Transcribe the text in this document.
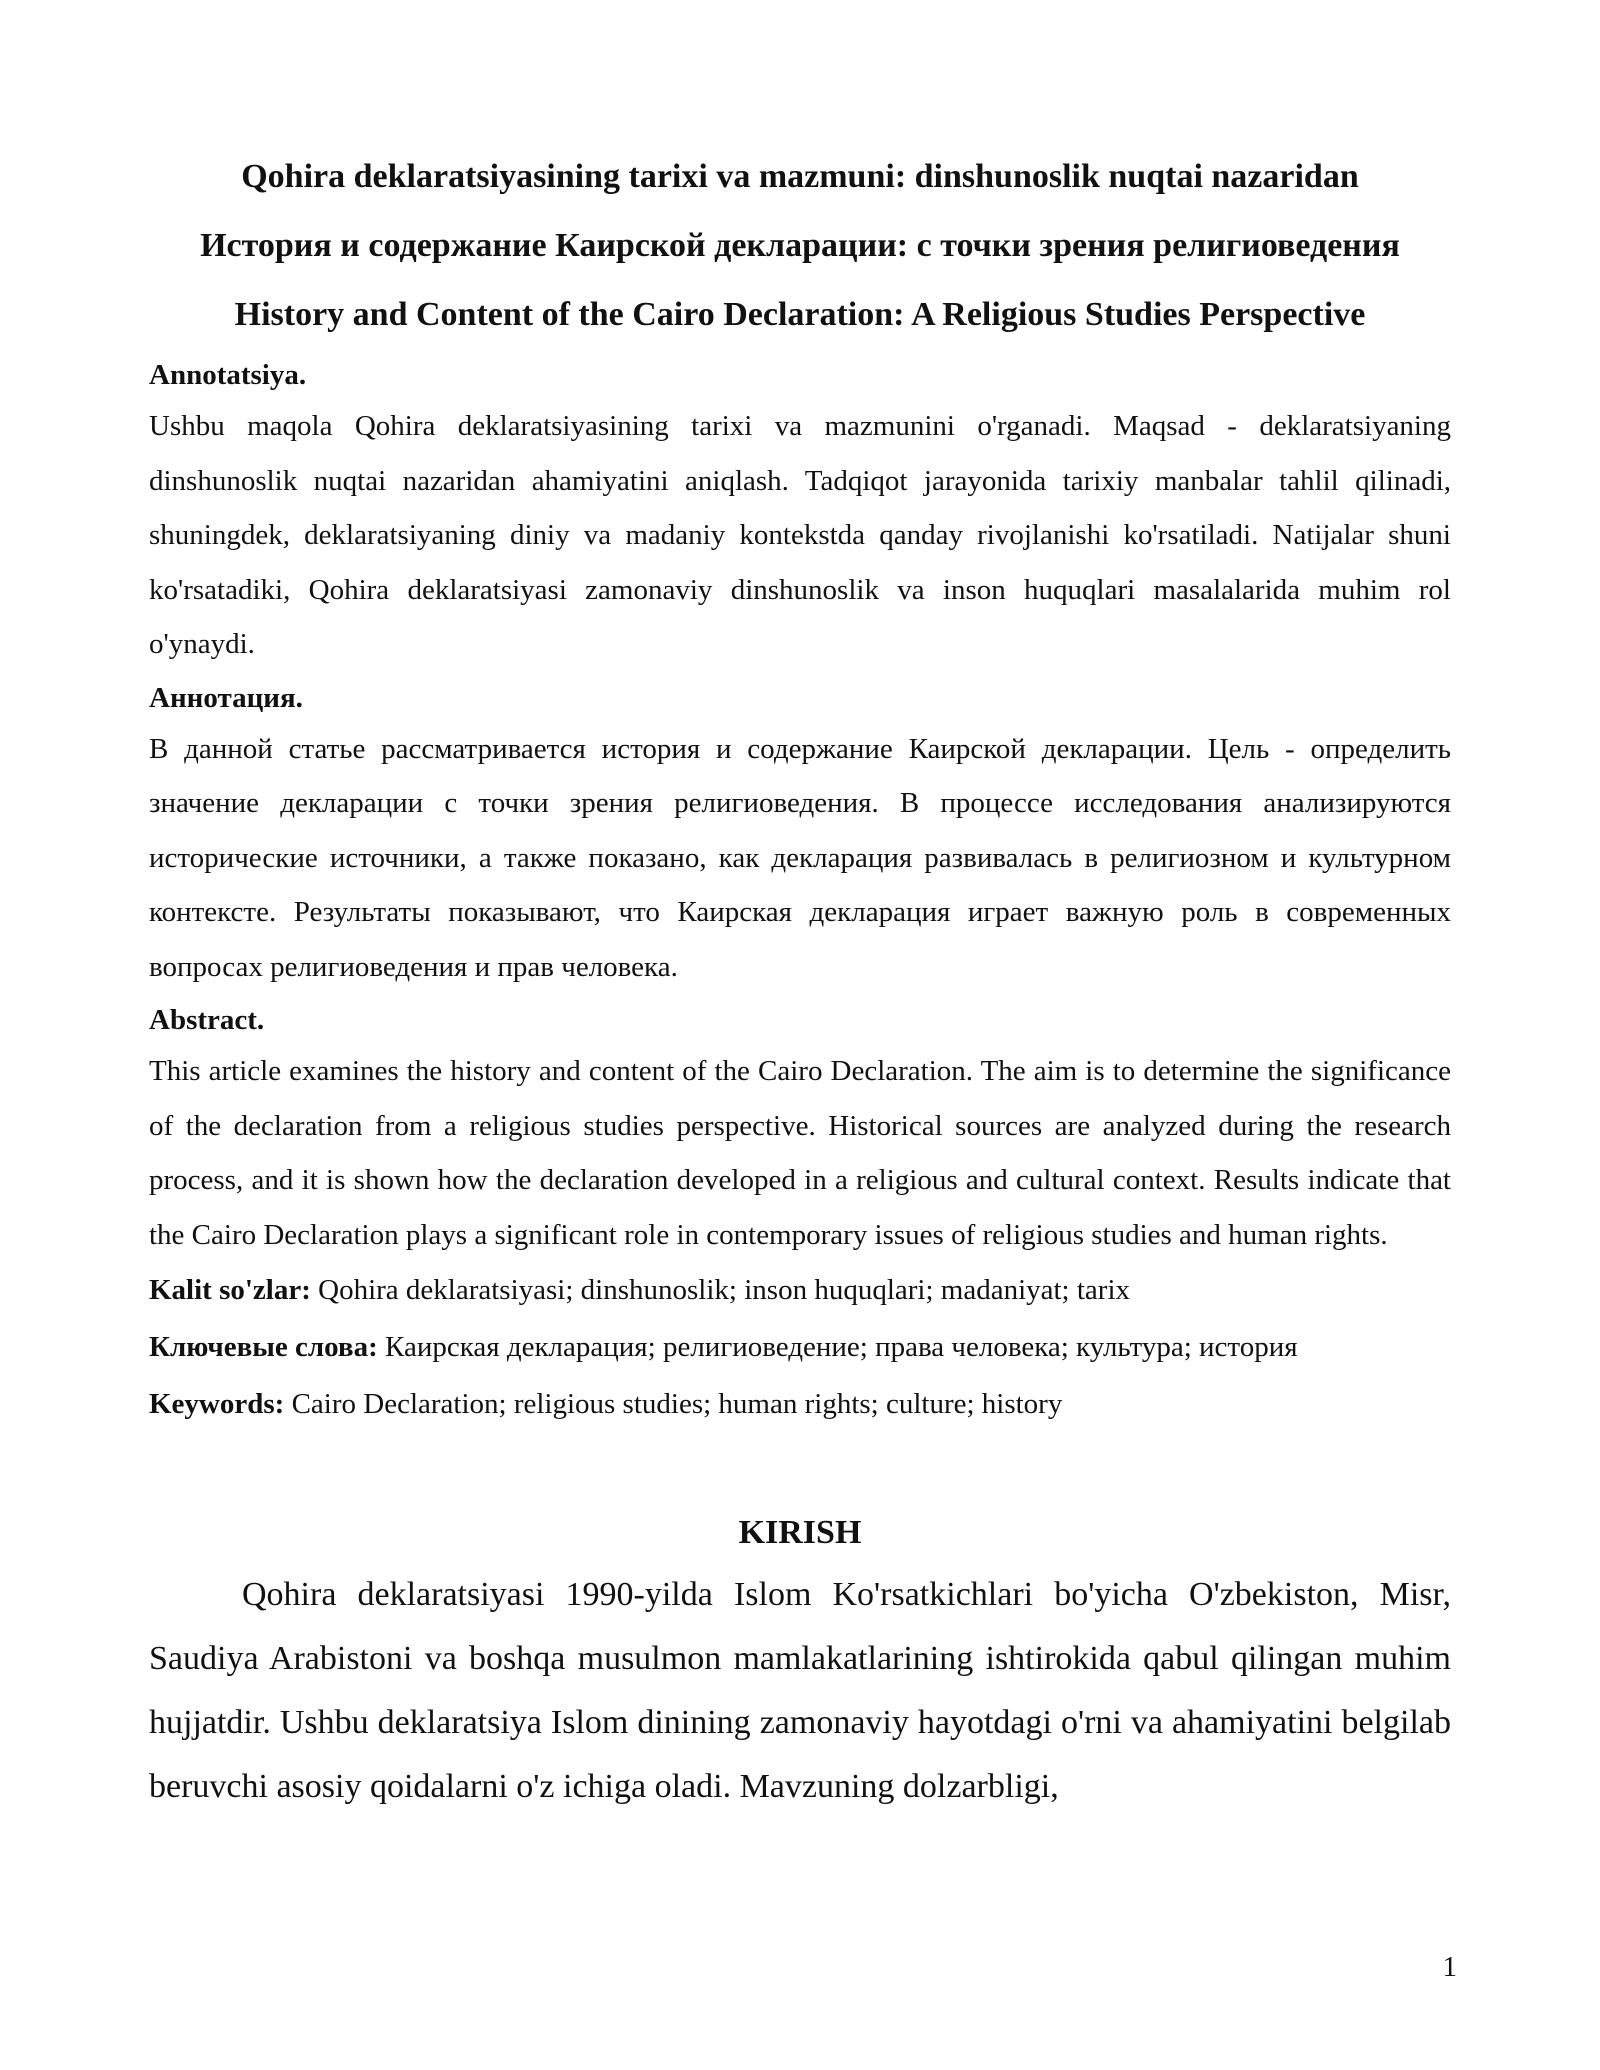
Qohira deklaratsiyasining tarixi va mazmuni: dinshunoslik nuqtai nazaridan
История и содержание Каирской декларации: с точки зрения религиоведения
History and Content of the Cairo Declaration: A Religious Studies Perspective
Annotatsiya.

Ushbu maqola Qohira deklaratsiyasining tarixi va mazmunini o'rganadi. Maqsad - deklaratsiyaning dinshunoslik nuqtai nazaridan ahamiyatini aniqlash. Tadqiqot jarayonida tarixiy manbalar tahlil qilinadi, shuningdek, deklaratsiyaning diniy va madaniy kontekstda qanday rivojlanishi ko'rsatiladi. Natijalar shuni ko'rsatadiki, Qohira deklaratsiyasi zamonaviy dinshunoslik va inson huquqlari masalalarida muhim rol o'ynaydi.

Аннотация.

В данной статье рассматривается история и содержание Каирской декларации. Цель - определить значение декларации с точки зрения религиоведения. В процессе исследования анализируются исторические источники, а также показано, как декларация развивалась в религиозном и культурном контексте. Результаты показывают, что Каирская декларация играет важную роль в современных вопросах религиоведения и прав человека.

Abstract.

This article examines the history and content of the Cairo Declaration. The aim is to determine the significance of the declaration from a religious studies perspective. Historical sources are analyzed during the research process, and it is shown how the declaration developed in a religious and cultural context. Results indicate that the Cairo Declaration plays a significant role in contemporary issues of religious studies and human rights.

Kalit so'zlar: Qohira deklaratsiyasi; dinshunoslik; inson huquqlari; madaniyat; tarix

Ключевые слова: Каирская декларация; религиоведение; права человека; культура; история

Keywords: Cairo Declaration; religious studies; human rights; culture; history

KIRISH

Qohira deklaratsiyasi 1990-yilda Islom Ko'rsatkichlari bo'yicha O'zbekiston, Misr, Saudiya Arabistoni va boshqa musulmon mamlakatlarining ishtirokida qabul qilingan muhim hujjatdir. Ushbu deklaratsiya Islom dinining zamonaviy hayotdagi o'rni va ahamiyatini belgilab beruvchi asosiy qoidalarni o'z ichiga oladi. Mavzuning dolzarbligi,

1
